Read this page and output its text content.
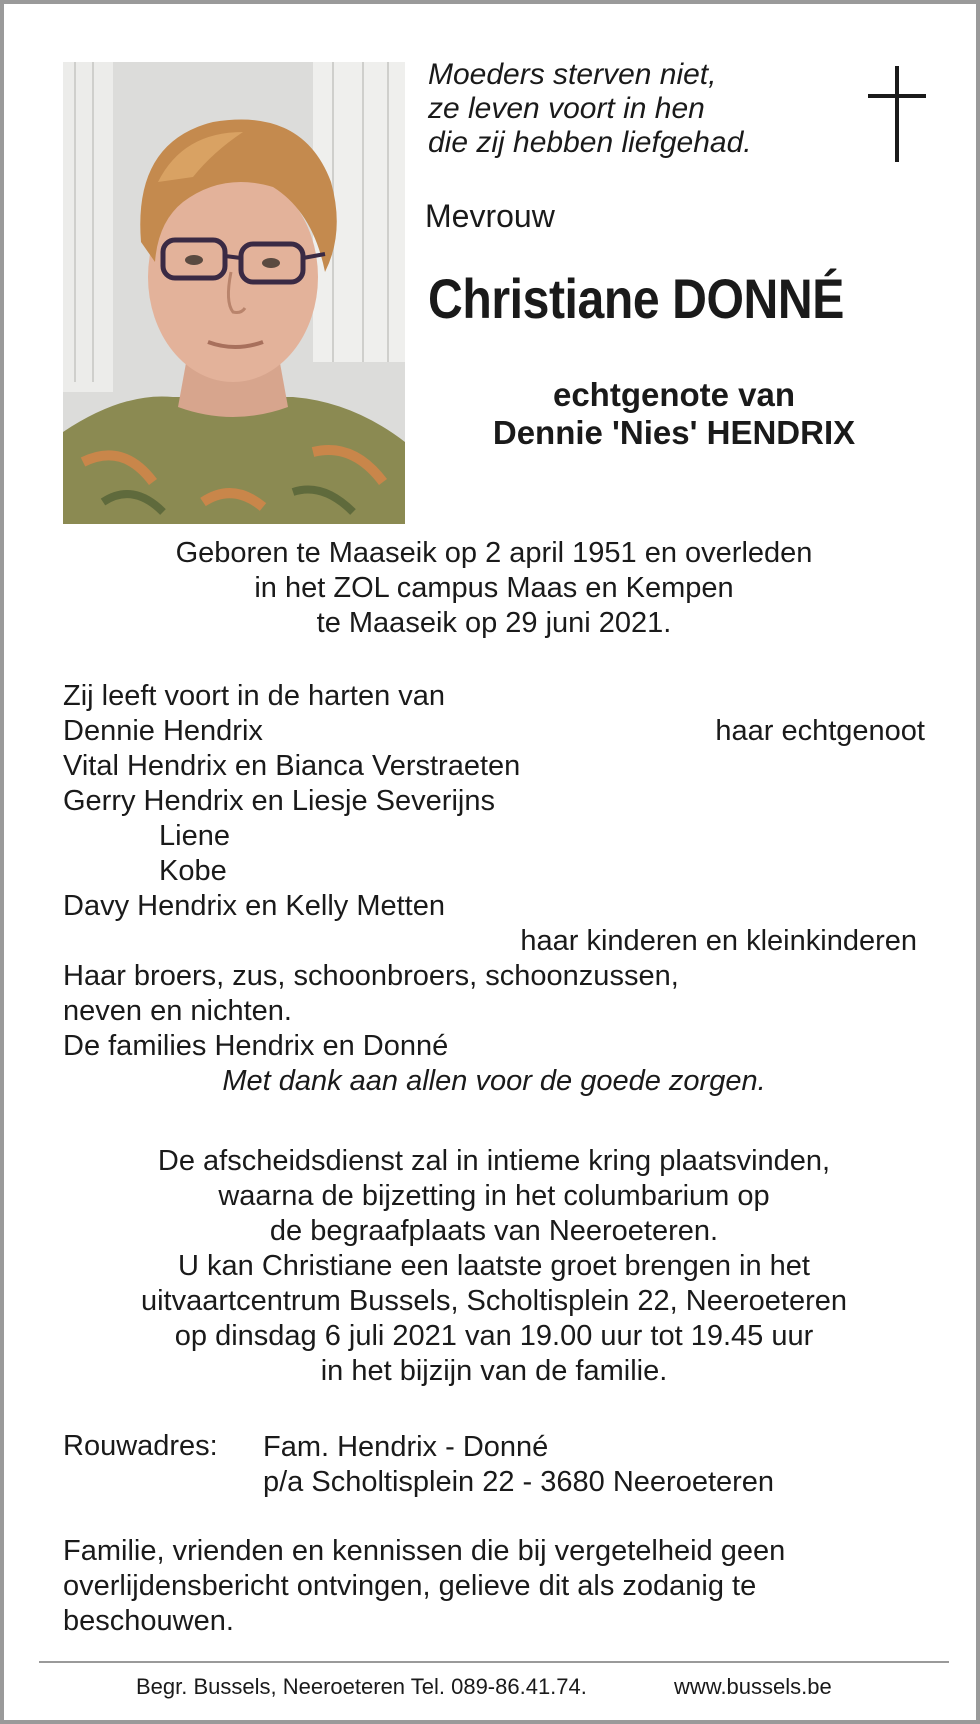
Moeders sterven niet,
ze leven voort in hen
die zij hebben liefgehad.
Mevrouw
Christiane DONNÉ
echtgenote van
Dennie 'Nies' HENDRIX
Geboren te Maaseik op 2 april 1951 en overleden
in het ZOL campus Maas en Kempen
te Maaseik op 29 juni 2021.
Zij leeft voort in de harten van
Dennie Hendrix	haar echtgenoot
Vital Hendrix en Bianca Verstraeten
Gerry Hendrix en Liesje Severijns
Liene
Kobe
Davy Hendrix en Kelly Metten
haar kinderen en kleinkinderen
Haar broers, zus, schoonbroers, schoonzussen,
neven en nichten.
De families Hendrix en Donné
Met dank aan allen voor de goede zorgen.
De afscheidsdienst zal in intieme kring plaatsvinden,
waarna de bijzetting in het columbarium op
de begraafplaats van Neeroeteren.
U kan Christiane een laatste groet brengen in het
uitvaartcentrum Bussels, Scholtisplein 22, Neeroeteren
op dinsdag 6 juli 2021 van 19.00 uur tot 19.45 uur
in het bijzijn van de familie.
Rouwadres: Fam. Hendrix - Donné
p/a Scholtisplein 22 - 3680 Neeroeteren
Familie, vrienden en kennissen die bij vergetelheid geen
overlijdensbericht ontvingen, gelieve dit als zodanig te
beschouwen.
Begr. Bussels, Neeroeteren Tel. 089-86.41.74.	www.bussels.be
